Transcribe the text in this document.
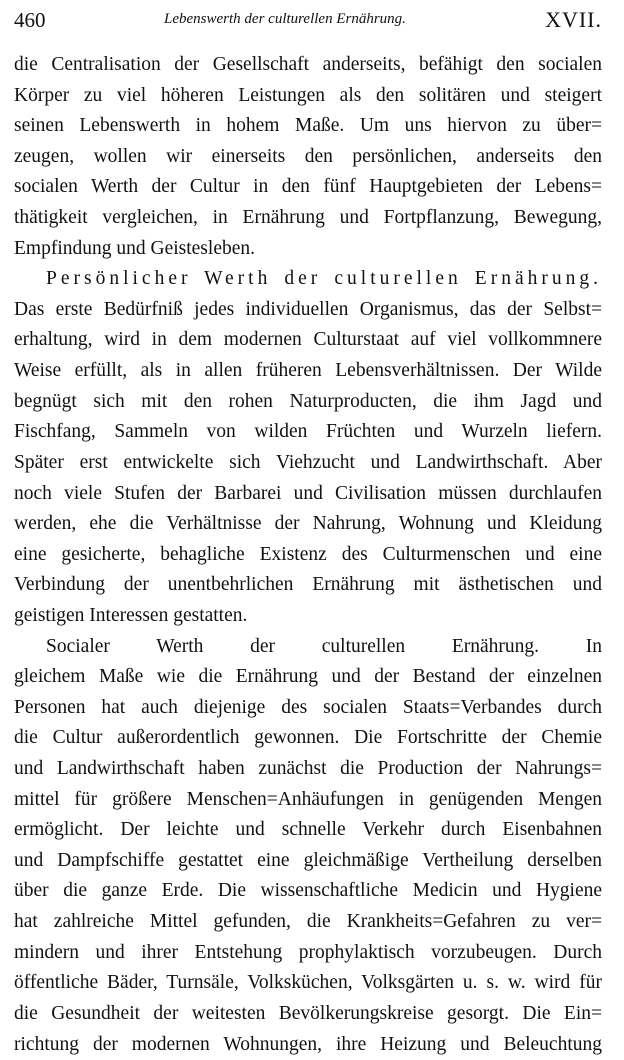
460	Lebenswerth der culturellen Ernährung.	XVII.
die Centralisation der Gesellschaft anderseits, befähigt den socialen
Körper zu viel höheren Leistungen als den solitären und steigert
seinen Lebenswerth in hohem Maße. Um uns hiervon zu über=
zeugen, wollen wir einerseits den persönlichen, anderseits den
socialen Werth der Cultur in den fünf Hauptgebieten der Lebens=
thätigkeit vergleichen, in Ernährung und Fortpflanzung, Bewegung,
Empfindung und Geistesleben.
Persönlicher Werth der culturellen Ernährung.
Das erste Bedürfniß jedes individuellen Organismus, das der Selbst=
erhaltung, wird in dem modernen Culturstaat auf viel vollkommnere
Weise erfüllt, als in allen früheren Lebensverhältnissen. Der Wilde
begnügt sich mit den rohen Naturproducten, die ihm Jagd und
Fischfang, Sammeln von wilden Früchten und Wurzeln liefern.
Später erst entwickelte sich Viehzucht und Landwirthschaft. Aber
noch viele Stufen der Barbarei und Civilisation müssen durchlaufen
werden, ehe die Verhältnisse der Nahrung, Wohnung und Kleidung
eine gesicherte, behagliche Existenz des Culturmenschen und eine
Verbindung der unentbehrlichen Ernährung mit ästhetischen und
geistigen Interessen gestatten.
Socialer Werth der culturellen Ernährung. In
gleichem Maße wie die Ernährung und der Bestand der einzelnen
Personen hat auch diejenige des socialen Staats=Verbandes durch
die Cultur außerordentlich gewonnen. Die Fortschritte der Chemie
und Landwirthschaft haben zunächst die Production der Nahrungs=
mittel für größere Menschen=Anhäufungen in genügenden Mengen
ermöglicht. Der leichte und schnelle Verkehr durch Eisenbahnen
und Dampfschiffe gestattet eine gleichmäßige Vertheilung derselben
über die ganze Erde. Die wissenschaftliche Medicin und Hygiene
hat zahlreiche Mittel gefunden, die Krankheits=Gefahren zu ver=
mindern und ihrer Entstehung prophylaktisch vorzubeugen. Durch
öffentliche Bäder, Turnsäle, Volksküchen, Volksgärten u. s. w. wird für
die Gesundheit der weitesten Bevölkerungskreise gesorgt. Die Ein=
richtung der modernen Wohnungen, ihre Heizung und Beleuchtung
